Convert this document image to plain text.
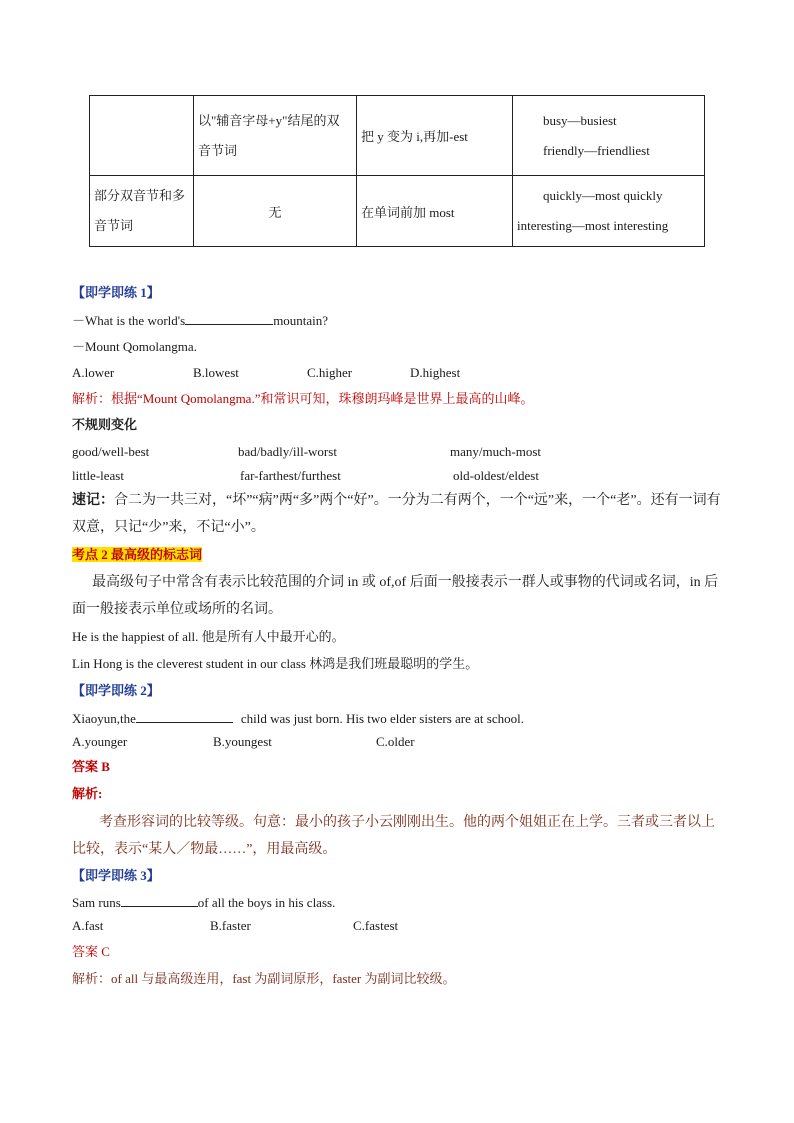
	以"辅音字母+y"结尾的双音节词	把 y 变为 i,再加-est	busy—busiest
friendly—friendliest

部分双音节和多音节词	无	在单词前加 most	quickly—most quickly
interesting—most interesting
【即学即练 1】
－What is the world's	mountain?
－Mount Qomolangma.
A.lower	B.lowest	C.higher	D.highest
解析：根据“Mount Qomolangma.”和常识可知，珠穆朗玛峰是世界上最高的山峰。
不规则变化
good/well-best	bad/badly/ill-worst	many/much-most
little-least	far-farthest/furthest	old-oldest/eldest
速记：合二为一共三对，“坏”“病”两“多”两个“好”。一分为二有两个，一个“远”来，一个“老”。还有一词有
双意，只记“少”来，不记“小”。
考点 2 最高级的标志词
最高级句子中常含有表示比较范围的介词 in 或 of,of 后面一般接表示一群人或事物的代词或名词，in 后
面一般接表示单位或场所的名词。
He is the happiest of all. 他是所有人中最开心的。
Lin Hong is the cleverest student in our class 林鸿是我们班最聪明的学生。
【即学即练 2】
Xiaoyun,the	child was just born. His two elder sisters are at school.
A.younger	B.youngest	C.older
答案 B
解析:
考查形容词的比较等级。句意：最小的孩子小云刚刚出生。他的两个姐姐正在上学。三者或三者以上
比较，表示“某人／物最……”，用最高级。
【即学即练 3】
Sam runs	of all the boys in his class.
A.fast	B.faster	C.fastest
答案 C
解析：of all 与最高级连用，fast 为副词原形，faster 为副词比较级。
